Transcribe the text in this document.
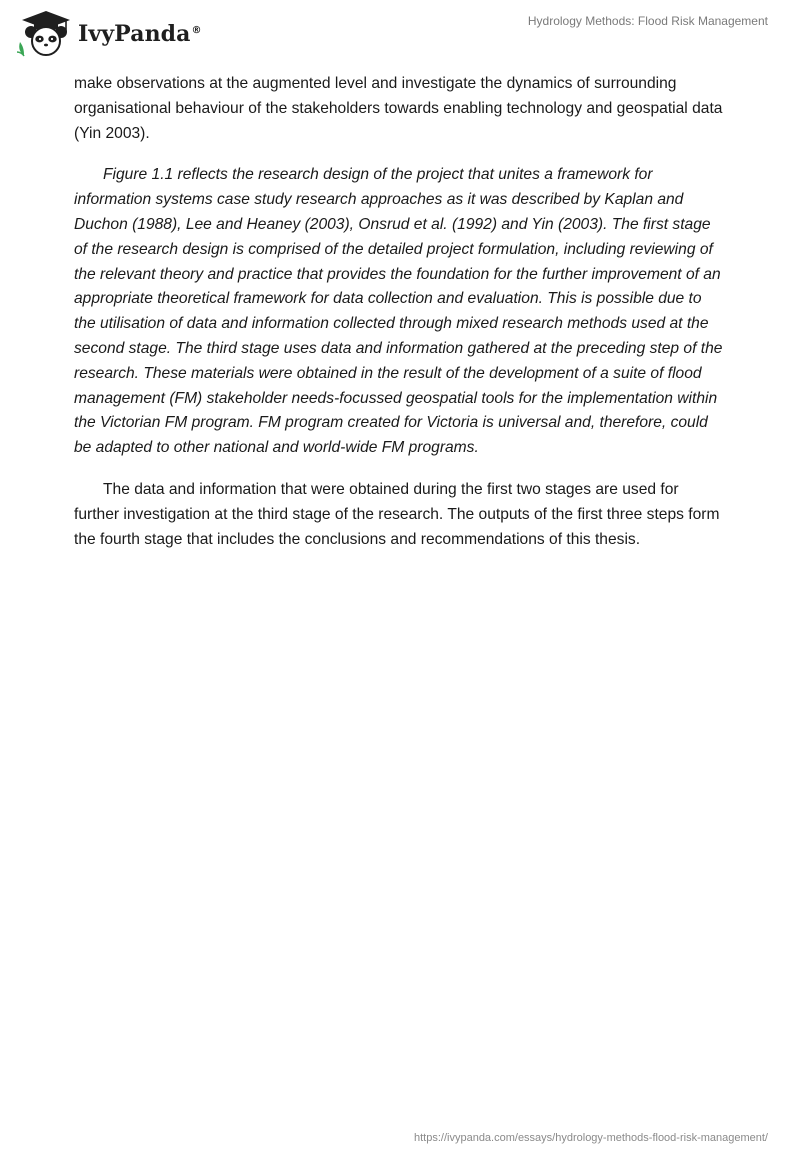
IvyPanda®
Hydrology Methods: Flood Risk Management

make observations at the augmented level and investigate the dynamics of surrounding organisational behaviour of the stakeholders towards enabling technology and geospatial data (Yin 2003).

Figure 1.1 reflects the research design of the project that unites a framework for information systems case study research approaches as it was described by Kaplan and Duchon (1988), Lee and Heaney (2003), Onsrud et al. (1992) and Yin (2003). The first stage of the research design is comprised of the detailed project formulation, including reviewing of the relevant theory and practice that provides the foundation for the further improvement of an appropriate theoretical framework for data collection and evaluation. This is possible due to the utilisation of data and information collected through mixed research methods used at the second stage. The third stage uses data and information gathered at the preceding step of the research. These materials were obtained in the result of the development of a suite of flood management (FM) stakeholder needs-focussed geospatial tools for the implementation within the Victorian FM program. FM program created for Victoria is universal and, therefore, could be adapted to other national and world-wide FM programs.

The data and information that were obtained during the first two stages are used for further investigation at the third stage of the research. The outputs of the first three steps form the fourth stage that includes the conclusions and recommendations of this thesis.

https://ivypanda.com/essays/hydrology-methods-flood-risk-management/
